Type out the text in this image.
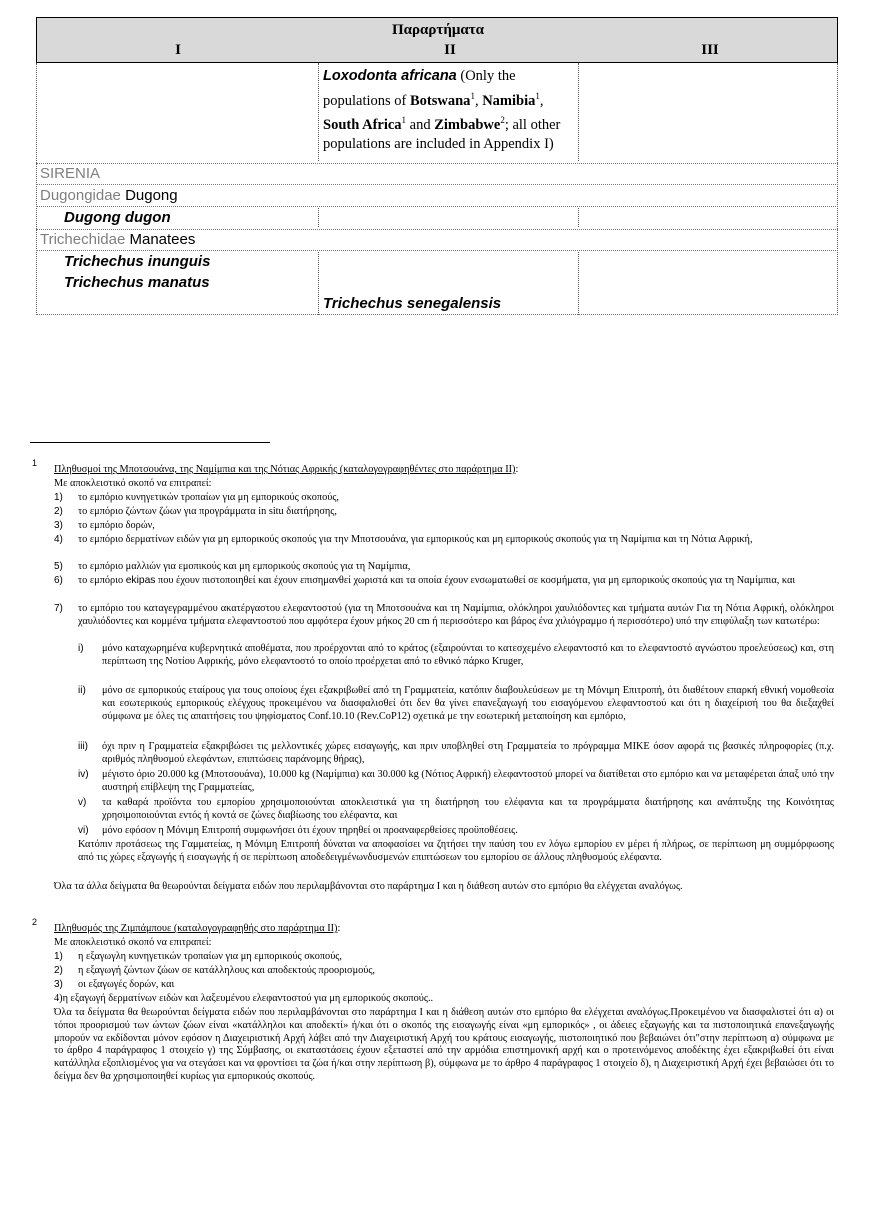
Παραρτήματα
I	II	III
Loxodonta africana (Only the populations of Botswana$^1$, Namibia$^1$, South Africa$^1$ and Zimbabwe$^2$; all other populations are included in Appendix I)
SIRENIA
Dugongidae Dugong
Dugong dugon
Trichechidae Manatees
Trichechus inunguis
Trichechus manatus
Trichechus senegalensis
1
Πληθυσμοί της Μποτσουάνα, της Ναμίμπια και της Νότιας Αφρικής (καταλογογραφηθέντες στο παράρτημα ΙΙ):
Με αποκλειστικό σκοπό να επιτραπεί:
1) το εμπόριο κυνηγετικών τροπαίων για μη εμπορικούς σκοπούς,
2) το εμπόριο ζώντων ζώων για προγράμματα in situ διατήρησης,
3) το εμπόριο δορών,
4) το εμπόριο δερματίνων ειδών για μη εμπορικούς σκοπούς για την Μποτσουάνα, για εμπορικούς και μη εμπορικούς σκοπούς για τη Ναμίμπια και τη Νότια Αφρική,
5) το εμπόριο μαλλιών για εμοπικούς και μη εμπορικούς σκοπούς για τη Ναμίμπια,
6) το εμπόριο ekipas που έχουν πιστοποιηθεί και έχουν επισημανθεί χωριστά και τα οποία έχουν ενσωματωθεί σε κοσμήματα, για μη εμπορικούς σκοπούς για τη Ναμίμπια, και
7) το εμπόριο του καταγεγραμμένου ακατέργαστου ελεφαντοστού (για τη Μποτσουάνα και τη Ναμίμπια, ολόκληροι χαυλιόδοντες και τμήματα αυτών Για τη Νότια Αφρική, ολόκληροι χαυλιόδοντες και κομμένα τμήματα ελεφαντοστού που αμφότερα έχουν μήκος 20 cm ή περισσότερο και βάρος ένα χιλιόγραμμο ή περισσότερο) υπό την επιφύλαξη των κατωτέρω:
i) μόνο καταχωρημένα κυβερνητικά αποθέματα, που προέρχονται από το κράτος (εξαιρούνται το κατεσχεμένο ελεφαντοστό και το ελεφαντοστό αγνώστου προελεύσεως) και, στη περίπτωση της Νοτίου Αφρικής, μόνο ελεφαντοστό το οποίο προέρχεται από το εθνικό πάρκο Kruger,
ii) μόνο σε εμπορικούς εταίρους για τους οποίους έχει εξακριβωθεί από τη Γραμματεία, κατόπιν διαβουλεύσεων με τη Μόνιμη Επιτροπή, ότι διαθέτουν επαρκή εθνική νομοθεσία και εσωτερικούς εμπορικούς ελέγχους προκειμένου να διασφαλισθεί ότι δεν θα γίνει επανεξαγωγή του εισαγόμενου ελεφαντοστού και ότι η διαχείρισή του θα διεξαχθεί σύμφωνα με όλες τις απαιτήσεις του ψηφίσματος Conf.10.10 (Rev.CoP12) σχετικά με την εσωτερική μεταποίηση και εμπόριο,
iii) όχι πριν η Γραμματεία εξακριβώσει τις μελλοντικές χώρες εισαγωγής, και πριν υποβληθεί στη Γραμματεία το πρόγραμμα MIKE όσον αφορά τις βασικές πληροφορίες (π.χ. αριθμός πληθυσμού ελεφάντων, επιπτώσεις παράνομης θήρας),
iv) μέγιστο όριο 20.000 kg (Μποτσουάνα), 10.000 kg (Ναμίμπια) και 30.000 kg (Νότιος Αφρική) ελεφαντοστού μπορεί να διατίθεται στο εμπόριο και να μεταφέρεται άπαξ υπό την αυστηρή επίβλεψη της Γραμματείας,
v) τα καθαρά προϊόντα του εμπορίου χρησιμοποιούνται αποκλειστικά για τη διατήρηση του ελέφαντα και τα προγράμματα διατήρησης και ανάπτυξης της Κοινότητας χρησιμοποιούνται εντός ή κοντά σε ζώνες διαβίωσης του ελέφαντα, και
vi) μόνο εφόσον η Μόνιμη Επιτροπή συμφωνήσει ότι έχουν τηρηθεί οι προαναφερθείσες προϋποθέσεις.
Κατόπιν προτάσεως της Γαμματείας, η Μόνιμη Επιτροπή δύναται να αποφασίσει να ζητήσει την παύση του εν λόγω εμπορίου εν μέρει ή πλήρως, σε περίπτωση μη συμμόρφωσης από τις χώρες εξαγωγής ή εισαγωγής ή σε περίπτωση αποδεδειγμένωνδυσμενών επιπτώσεων του εμπορίου σε άλλους πληθυσμούς ελέφαντα.
Όλα τα άλλα δείγματα θα θεωρούνται δείγματα ειδών που περιλαμβάνονται στο παράρτημα I και η διάθεση αυτών στο εμπόριο θα ελέγχεται αναλόγως.
2
Πληθυσμός της Ζιμπάμπουε (καταλογογραφηθής στο παράρτημα ΙΙ):
Με αποκλειστικό σκοπό να επιτραπεί:
1) η εξαγωγλη κυνηγετικών τροπαίων για μη εμπορικούς σκοπούς,
2) η εξαγωγή ζώντων ζώων σε κατάλληλους και αποδεκτούς προορισμούς,
3) οι εξαγωγές δορών, και
4)η εξαγωγή δερματίνων ειδών και λαξευμένου ελεφαντοστού για μη εμπορικούς σκοπούς..
Όλα τα δείγματα θα θεωρούνται δείγματα ειδών που περιλαμβάνονται στο παράρτημα I και η διάθεση αυτών στο εμπόριο θα ελέγχεται αναλόγως.Προκειμένου να διασφαλιστεί ότι α) οι τόποι προορισμού των ώντων ζώων είναι «κατάλληλοι και αποδεκτί» ή/και ότι ο σκοπός της εισαγωγής είναι «μη εμπορικός» , οι άδειες εξαγωγής και τα πιστοποιητικά επανεξαγωγής μπορούν να εκδίδονται μόνον εφόσον η Διαχειριστική Αρχή λάβει από την Διαχειριστική Αρχή του κράτους εισαγωγής, πιστοποιητικό που βεβαιώνει ότι"στην περίπτωση α) σύμφωνα με το άρθρο 4 παράγραφος 1 στοιχείο γ) της Σύμβασης, οι εκαταστάσεις έχουν εξεταστεί από την αρμόδια επιστημονική αρχή και ο προτεινόμενος αποδέκτης έχει εξακριβωθεί ότι είναι κατάλληλα εξοπλισμένος για να στεγάσει και να φροντίσει τα ζώα ή/και στην περίπτωση β), σύμφωνα με το άρθρο 4 παράγραφος 1 στοιχείο δ), η Διαχειριστική Αρχή έχει βεβαιώσει ότι το δείγμα δεν θα χρησιμοποιηθεί κυρίως για εμπορικούς σκοπούς.
